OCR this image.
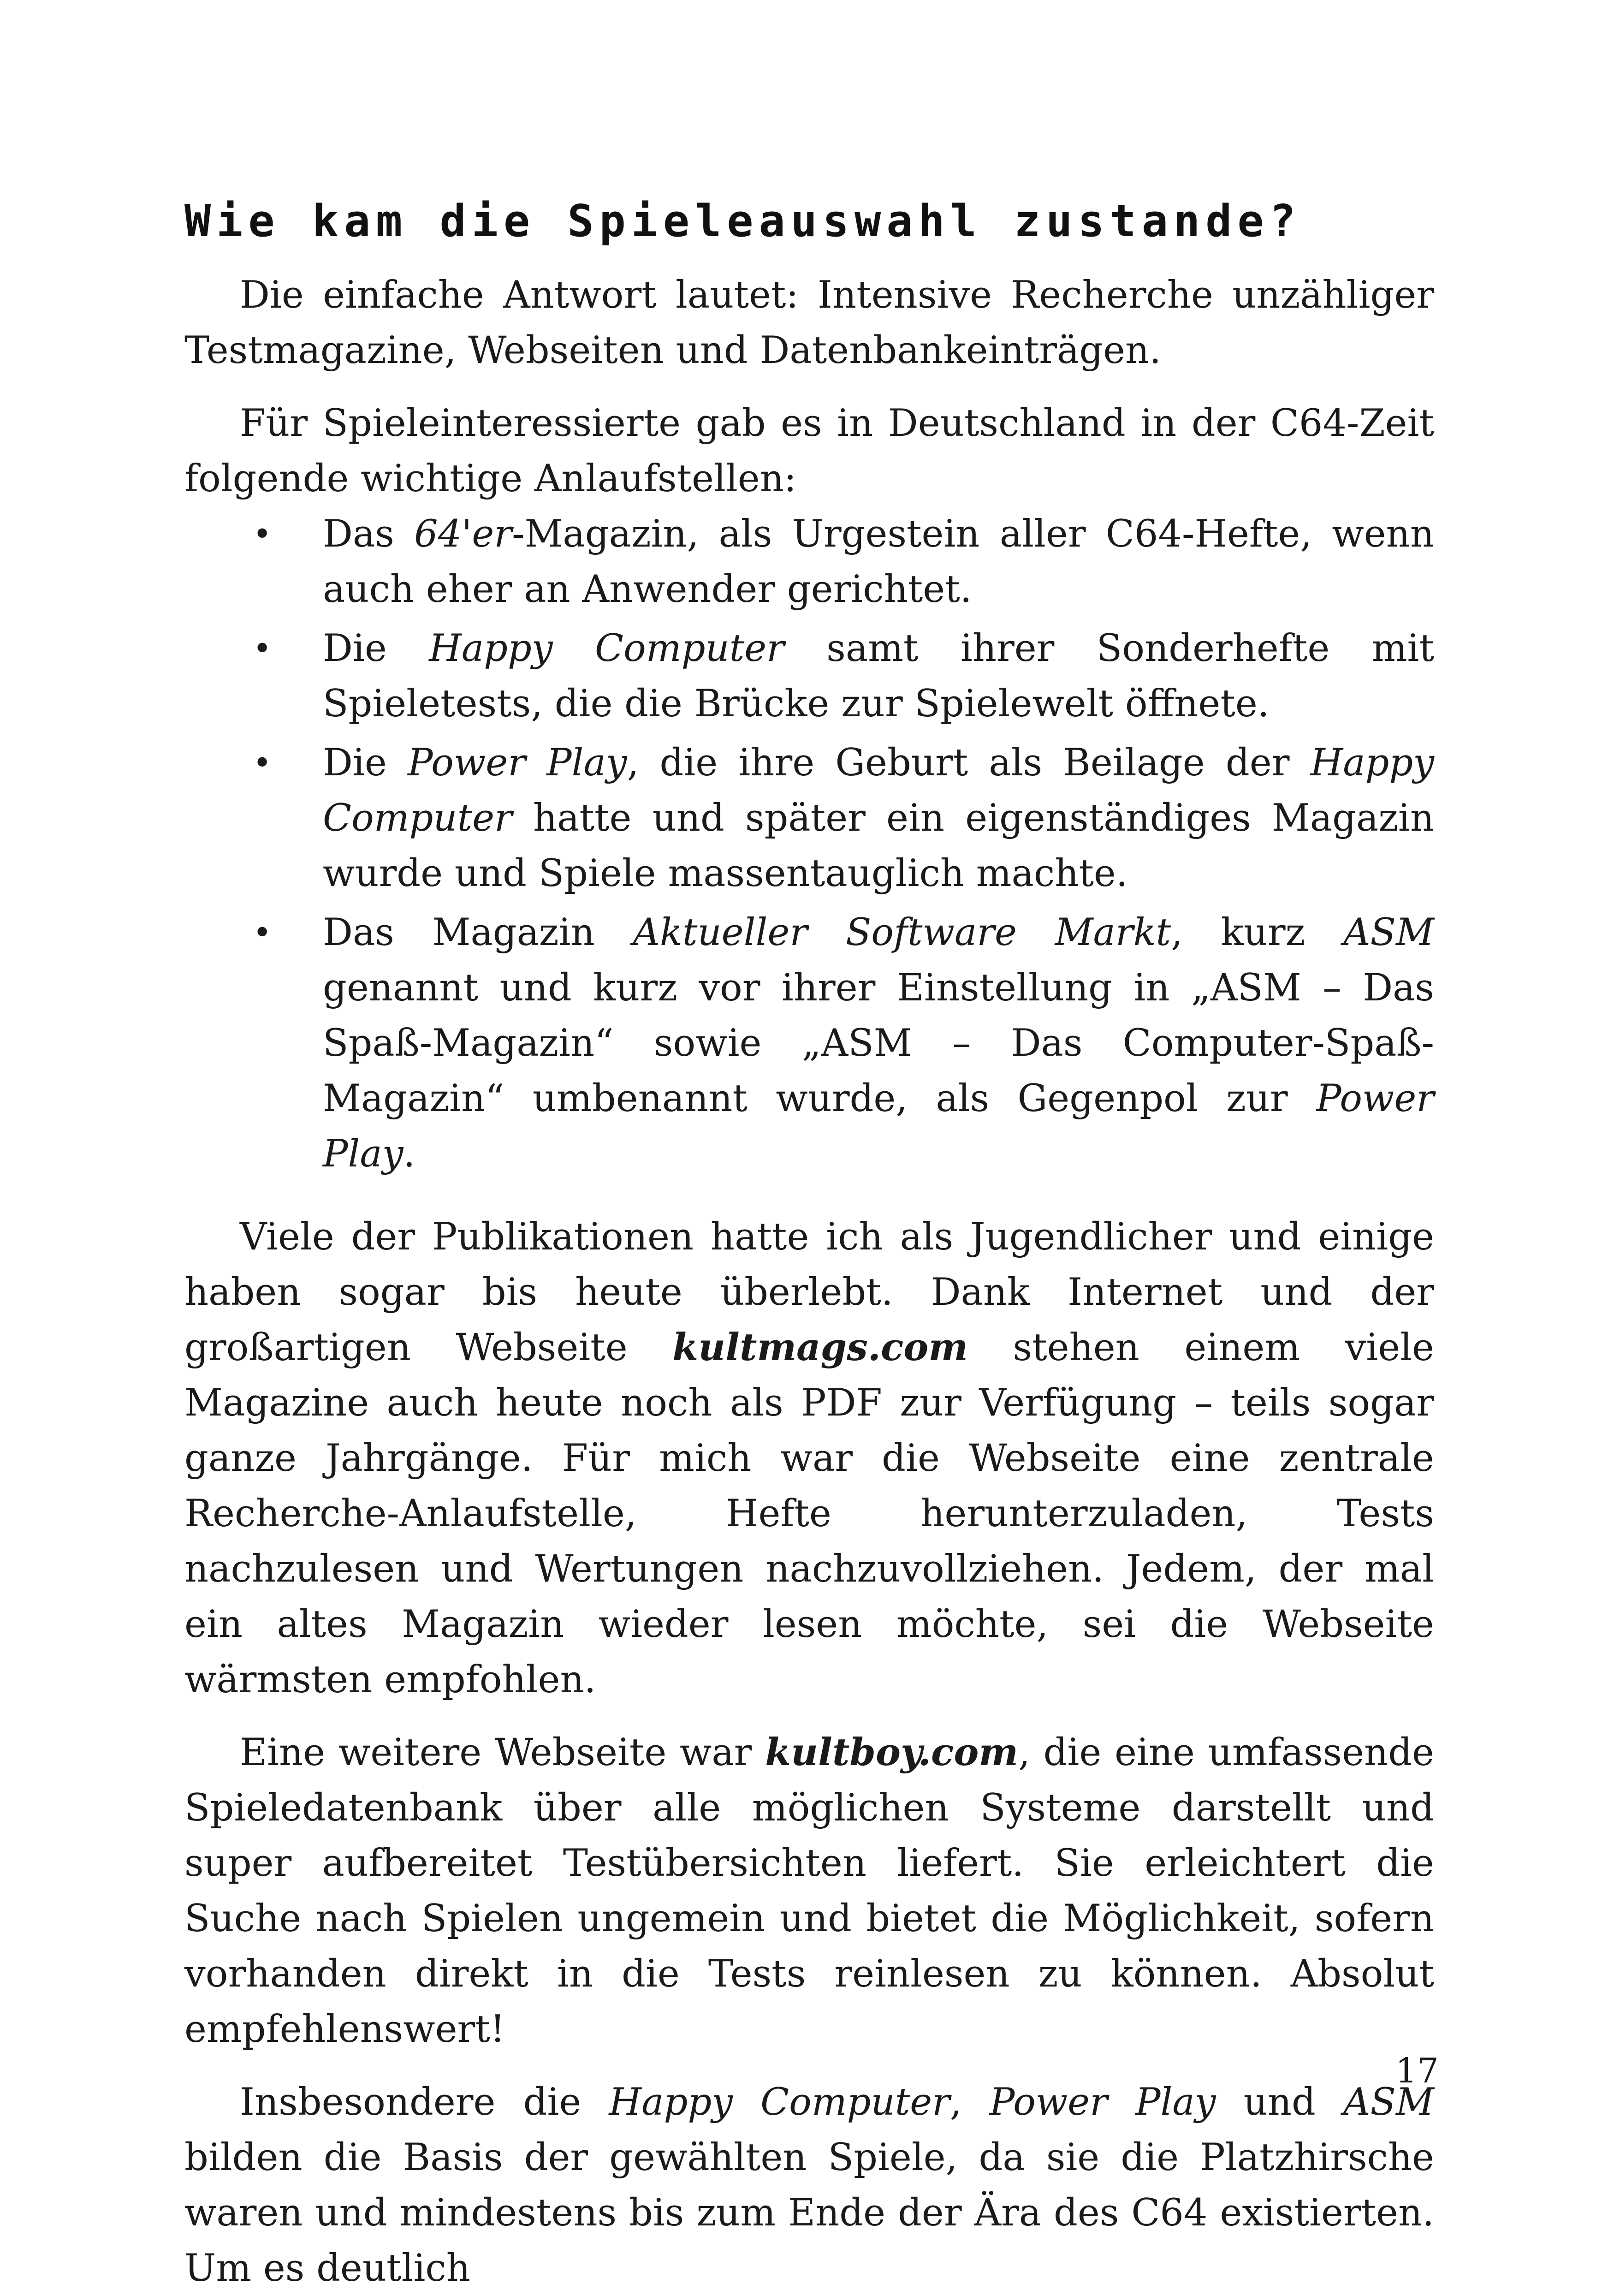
Wie kam die Spieleauswahl zustande?

Die einfache Antwort lautet: Intensive Recherche unzähliger Testmagazine, Webseiten und Datenbankeinträgen.

Für Spieleinteressierte gab es in Deutschland in der C64-Zeit folgende wichtige Anlaufstellen:

• Das 64'er-Magazin, als Urgestein aller C64-Hefte, wenn auch eher an Anwender gerichtet.
• Die Happy Computer samt ihrer Sonderhefte mit Spieletests, die die Brücke zur Spielewelt öffnete.
• Die Power Play, die ihre Geburt als Beilage der Happy Computer hatte und später ein eigenständiges Magazin wurde und Spiele massentauglich machte.
• Das Magazin Aktueller Software Markt, kurz ASM genannt und kurz vor ihrer Einstellung in „ASM – Das Spaß-Magazin“ sowie „ASM – Das Computer-Spaß-Magazin“ umbenannt wurde, als Gegenpol zur Power Play.

Viele der Publikationen hatte ich als Jugendlicher und einige haben sogar bis heute überlebt. Dank Internet und der großartigen Webseite kultmags.com stehen einem viele Magazine auch heute noch als PDF zur Verfügung – teils sogar ganze Jahrgänge. Für mich war die Webseite eine zentrale Recherche-Anlaufstelle, Hefte herunterzuladen, Tests nachzulesen und Wertungen nachzuvollziehen. Jedem, der mal ein altes Magazin wieder lesen möchte, sei die Webseite wärmsten empfohlen.

Eine weitere Webseite war kultboy.com, die eine umfassende Spieledatenbank über alle möglichen Systeme darstellt und super aufbereitet Testübersichten liefert. Sie erleichtert die Suche nach Spielen ungemein und bietet die Möglichkeit, sofern vorhanden direkt in die Tests reinlesen zu können. Absolut empfehlenswert!

Insbesondere die Happy Computer, Power Play und ASM bilden die Basis der gewählten Spiele, da sie die Platzhirsche waren und mindestens bis zum Ende der Ära des C64 existierten. Um es deutlich

17
